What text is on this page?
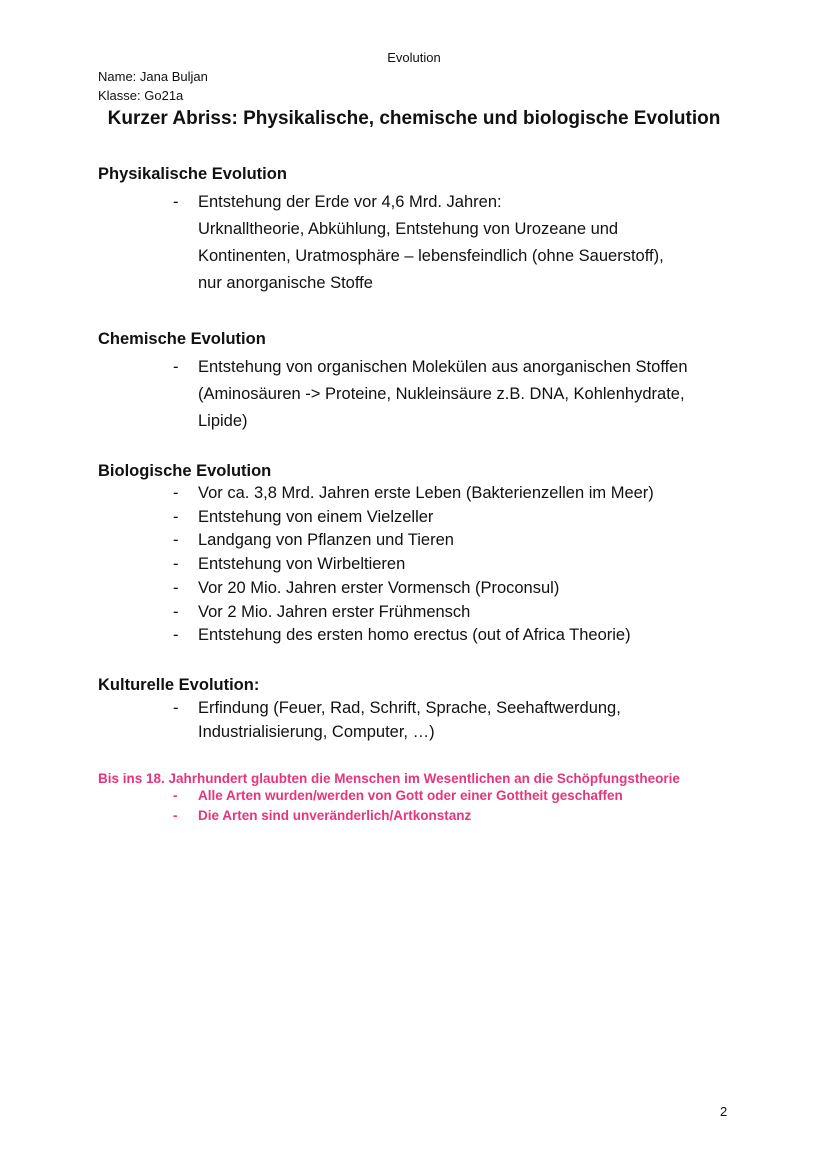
Evolution
Name: Jana Buljan
Klasse: Go21a
Kurzer Abriss: Physikalische, chemische und biologische Evolution

Physikalische Evolution

- Entstehung der Erde vor 4,6 Mrd. Jahren:
Urknalltheorie, Abkühlung, Entstehung von Urozeane und
Kontinenten, Uratmosphäre – lebensfeindlich (ohne Sauerstoff),
nur anorganische Stoffe

Chemische Evolution

- Entstehung von organischen Molekülen aus anorganischen Stoffen
(Aminosäuren -> Proteine, Nukleinsäure z.B. DNA, Kohlenhydrate,
Lipide)

Biologische Evolution

- Vor ca. 3,8 Mrd. Jahren erste Leben (Bakterienzellen im Meer)
- Entstehung von einem Vielzeller
- Landgang von Pflanzen und Tieren
- Entstehung von Wirbeltieren
- Vor 20 Mio. Jahren erster Vormensch (Proconsul)
- Vor 2 Mio. Jahren erster Frühmensch
- Entstehung des ersten homo erectus (out of Africa Theorie)

Kulturelle Evolution:

- Erfindung (Feuer, Rad, Schrift, Sprache, Seehaftwerdung,
Industrialisierung, Computer, …)

Bis ins 18. Jahrhundert glaubten die Menschen im Wesentlichen an die Schöpfungstheorie

- Alle Arten wurden/werden von Gott oder einer Gottheit geschaffen
- Die Arten sind unveränderlich/Artkonstanz
2
